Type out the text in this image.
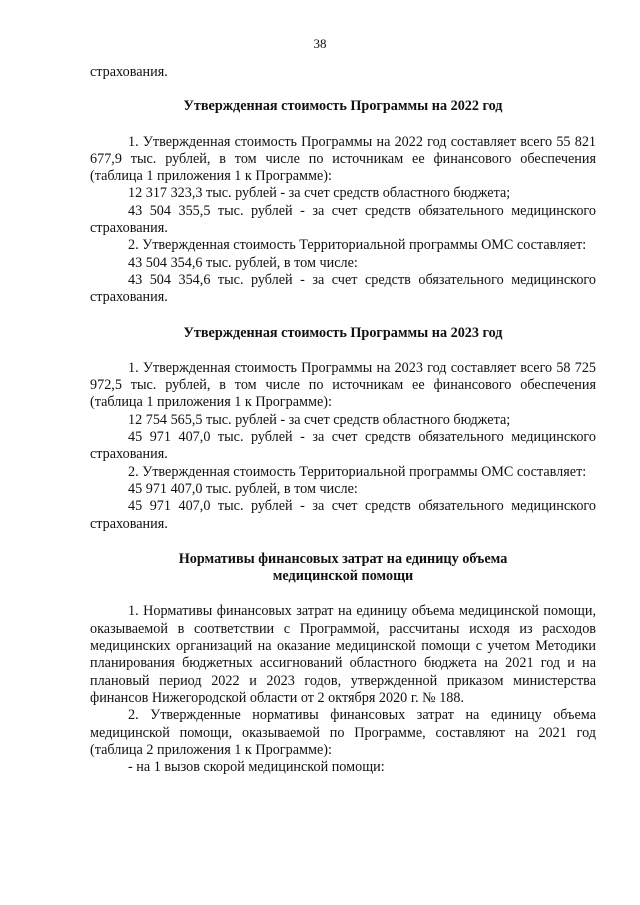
38

страхования.

Утвержденная стоимость Программы на 2022 год

1. Утвержденная стоимость Программы на 2022 год составляет всего 55 821 677,9 тыс. рублей, в том числе по источникам ее финансового обеспечения (таблица 1 приложения 1 к Программе):

12 317 323,3 тыс. рублей - за счет средств областного бюджета;

43 504 355,5 тыс. рублей - за счет средств обязательного медицинского страхования.

2. Утвержденная стоимость Территориальной программы ОМС составляет:

43 504 354,6 тыс. рублей, в том числе:

43 504 354,6 тыс. рублей - за счет средств обязательного медицинского страхования.

Утвержденная стоимость Программы на 2023 год

1. Утвержденная стоимость Программы на 2023 год составляет всего 58 725 972,5 тыс. рублей, в том числе по источникам ее финансового обеспечения (таблица 1 приложения 1 к Программе):

12 754 565,5 тыс. рублей - за счет средств областного бюджета;

45 971 407,0 тыс. рублей - за счет средств обязательного медицинского страхования.

2. Утвержденная стоимость Территориальной программы ОМС составляет:

45 971 407,0 тыс. рублей, в том числе:

45 971 407,0 тыс. рублей - за счет средств обязательного медицинского страхования.

Нормативы финансовых затрат на единицу объема
медицинской помощи

1. Нормативы финансовых затрат на единицу объема медицинской помощи, оказываемой в соответствии с Программой, рассчитаны исходя из расходов медицинских организаций на оказание медицинской помощи с учетом Методики планирования бюджетных ассигнований областного бюджета на 2021 год и на плановый период 2022 и 2023 годов, утвержденной приказом министерства финансов Нижегородской области от 2 октября 2020 г. № 188.

2. Утвержденные нормативы финансовых затрат на единицу объема медицинской помощи, оказываемой по Программе, составляют на 2021 год (таблица 2 приложения 1 к Программе):

- на 1 вызов скорой медицинской помощи:
